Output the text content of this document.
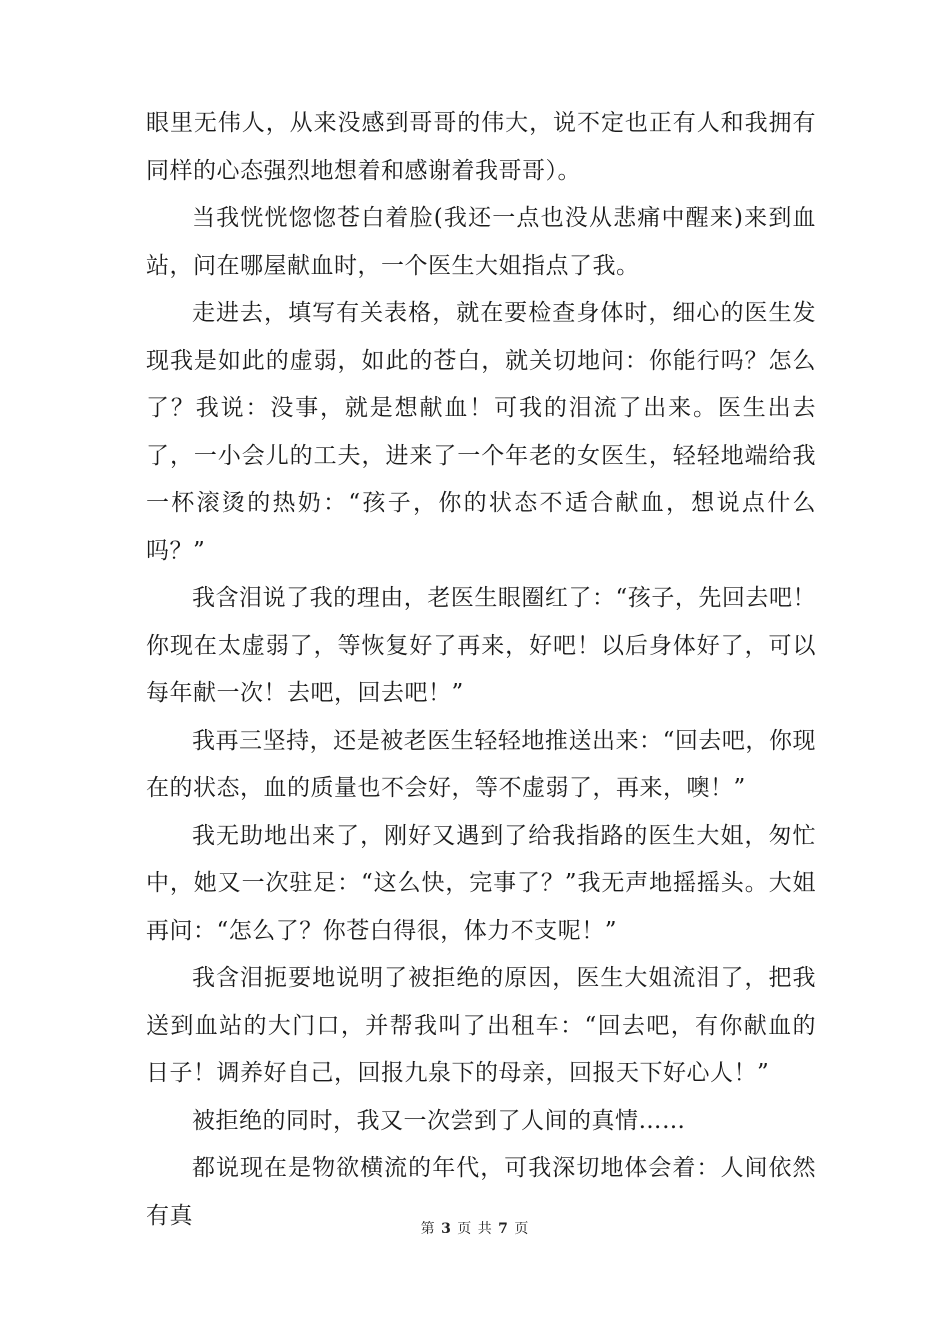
眼里无伟人，从来没感到哥哥的伟大，说不定也正有人和我拥有同样的心态强烈地想着和感谢着我哥哥）。

当我恍恍惚惚苍白着脸(我还一点也没从悲痛中醒来)来到血站，问在哪屋献血时，一个医生大姐指点了我。

走进去，填写有关表格，就在要检查身体时，细心的医生发现我是如此的虚弱，如此的苍白，就关切地问：你能行吗？怎么了？我说：没事，就是想献血！可我的泪流了出来。医生出去了，一小会儿的工夫，进来了一个年老的女医生，轻轻地端给我一杯滚烫的热奶：“孩子，你的状态不适合献血，想说点什么吗？”

我含泪说了我的理由，老医生眼圈红了：“孩子，先回去吧！你现在太虚弱了，等恢复好了再来，好吧！以后身体好了，可以每年献一次！去吧，回去吧！”

我再三坚持，还是被老医生轻轻地推送出来：“回去吧，你现在的状态，血的质量也不会好，等不虚弱了，再来，噢！”

我无助地出来了，刚好又遇到了给我指路的医生大姐，匆忙中，她又一次驻足：“这么快，完事了？”我无声地摇摇头。大姐再问：“怎么了？你苍白得很，体力不支呢！”

我含泪扼要地说明了被拒绝的原因，医生大姐流泪了，把我送到血站的大门口，并帮我叫了出租车：“回去吧，有你献血的日子！调养好自己，回报九泉下的母亲，回报天下好心人！”

被拒绝的同时，我又一次尝到了人间的真情……

都说现在是物欲横流的年代，可我深切地体会着：人间依然有真

第 3 页 共 7 页
